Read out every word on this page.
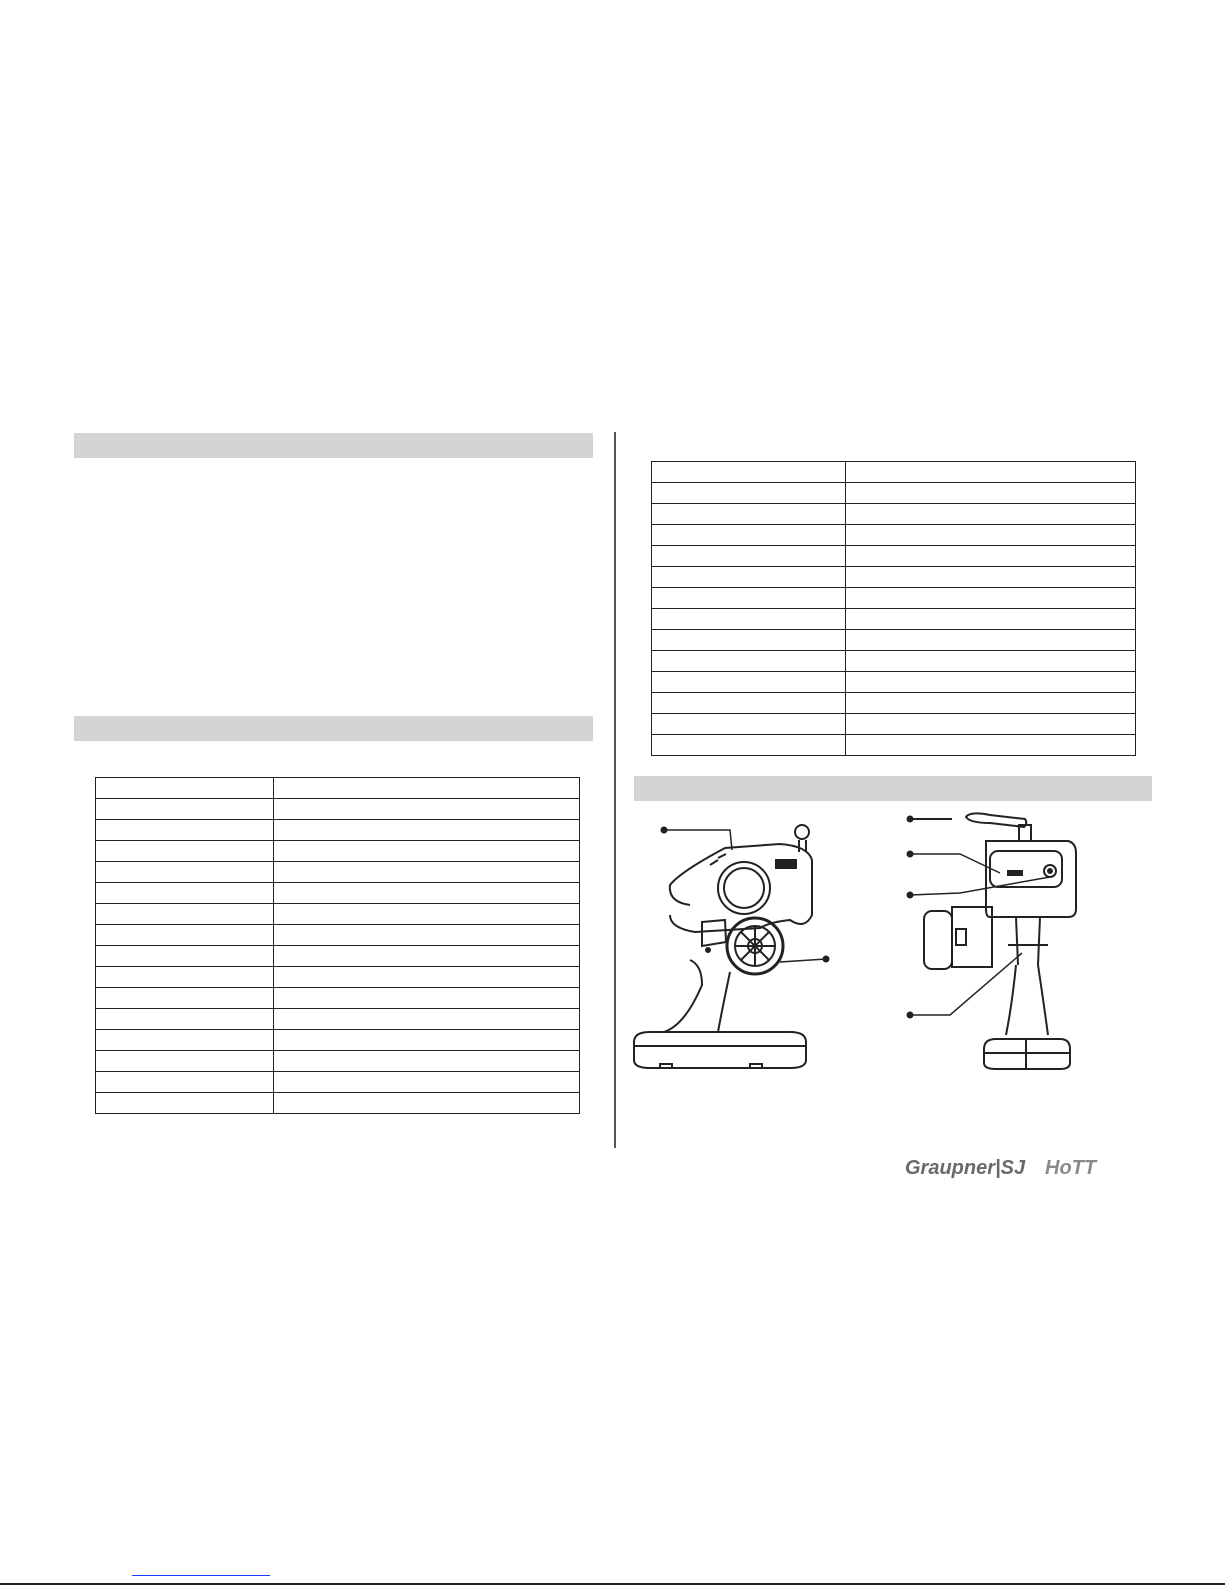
Graupner|SJ HoTT
